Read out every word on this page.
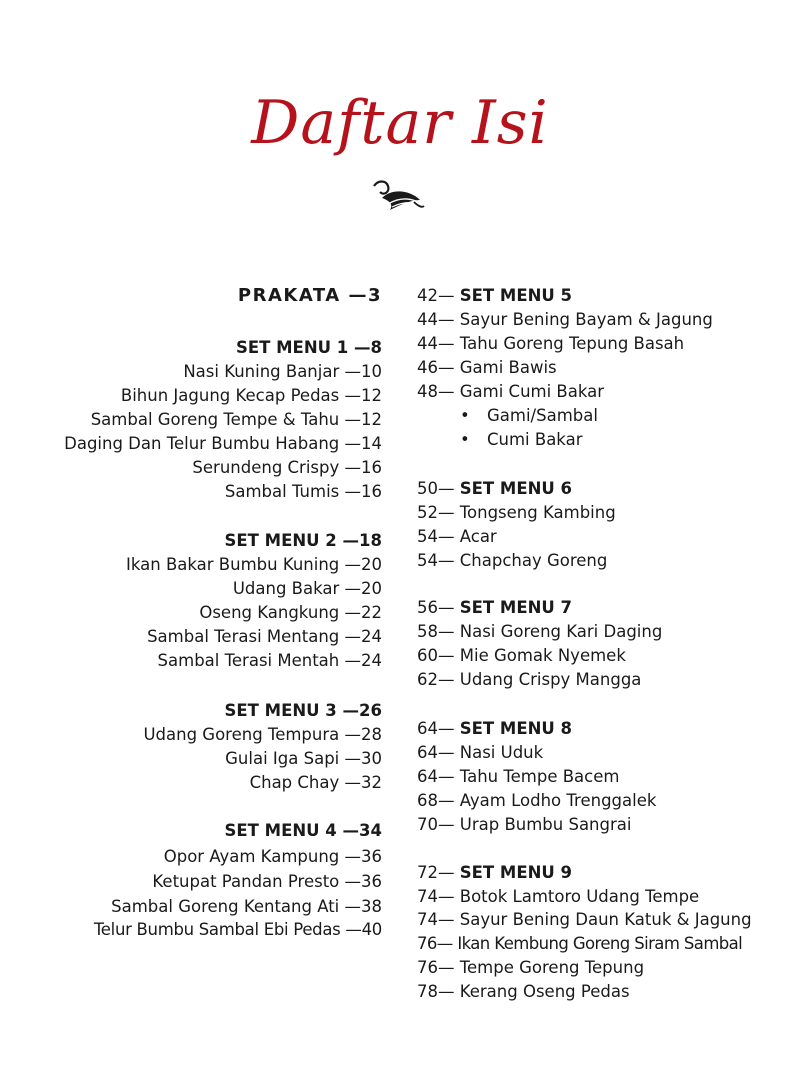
Daftar Isi
PRAKATA —3
SET MENU 1 —8
Nasi Kuning Banjar —10
Bihun Jagung Kecap Pedas —12
Sambal Goreng Tempe & Tahu —12
Daging Dan Telur Bumbu Habang —14
Serundeng Crispy —16
Sambal Tumis —16
SET MENU 2 —18
Ikan Bakar Bumbu Kuning —20
Udang Bakar —20
Oseng Kangkung —22
Sambal Terasi Mentang —24
Sambal Terasi Mentah —24
SET MENU 3 —26
Udang Goreng Tempura —28
Gulai Iga Sapi —30
Chap Chay —32
SET MENU 4 —34
Opor Ayam Kampung —36
Ketupat Pandan Presto —36
Sambal Goreng Kentang Ati —38
Telur Bumbu Sambal Ebi Pedas —40
42— SET MENU 5
44— Sayur Bening Bayam & Jagung
44— Tahu Goreng Tepung Basah
46— Gami Bawis
48— Gami Cumi Bakar
• Gami/Sambal
• Cumi Bakar
50— SET MENU 6
52— Tongseng Kambing
54— Acar
54— Chapchay Goreng
56— SET MENU 7
58— Nasi Goreng Kari Daging
60— Mie Gomak Nyemek
62— Udang Crispy Mangga
64— SET MENU 8
64— Nasi Uduk
64— Tahu Tempe Bacem
68— Ayam Lodho Trenggalek
70— Urap Bumbu Sangrai
72— SET MENU 9
74— Botok Lamtoro Udang Tempe
74— Sayur Bening Daun Katuk & Jagung
76— Ikan Kembung Goreng Siram Sambal
76— Tempe Goreng Tepung
78— Kerang Oseng Pedas
